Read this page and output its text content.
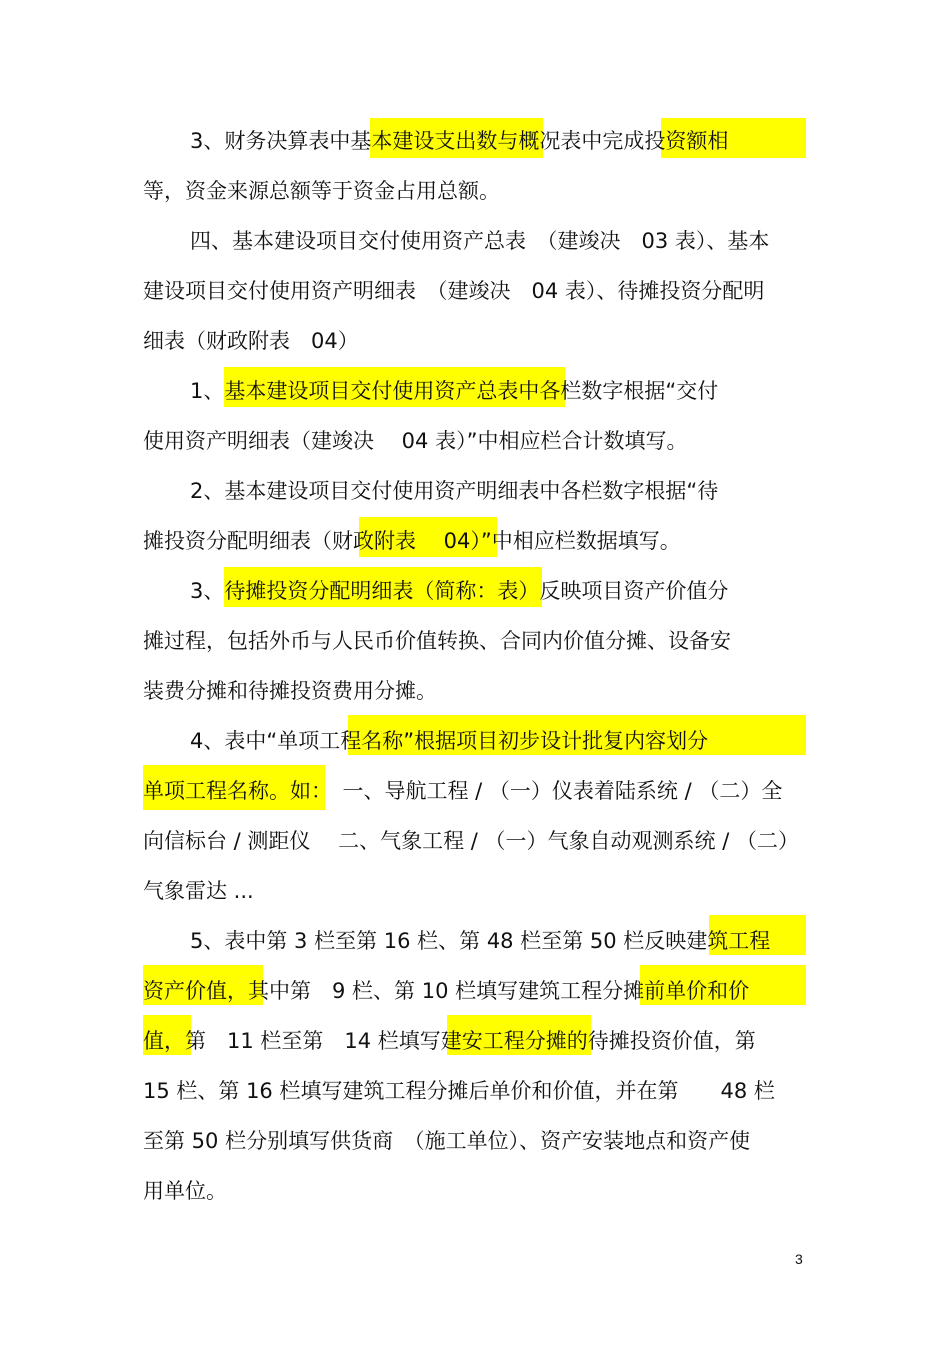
3、财务决算表中基本建设支出数与概况表中完成投资额相
等，资金来源总额等于资金占用总额。
四、基本建设项目交付使用资产总表　（建竣决　03 表）、基本
建设项目交付使用资产明细表　（建竣决　04 表）、待摊投资分配明
细表（财政附表　04）
1、基本建设项目交付使用资产总表中各栏数字根据“交付
使用资产明细表（建竣决　 04 表）”中相应栏合计数填写。
2、基本建设项目交付使用资产明细表中各栏数字根据“待
摊投资分配明细表（财政附表　 04）”中相应栏数据填写。
3、待摊投资分配明细表（简称：表）反映项目资产价值分
摊过程，包括外币与人民币价值转换、合同内价值分摊、设备安
装费分摊和待摊投资费用分摊。
4、表中“单项工程名称”根据项目初步设计批复内容划分
单项工程名称。如：　一、导航工程 / （一）仪表着陆系统 / （二）全
向信标台 / 测距仪　 二、气象工程 / （一）气象自动观测系统 / （二）
气象雷达 ...
5、表中第 3 栏至第 16 栏、第 48 栏至第 50 栏反映建筑工程
资产价值，其中第　9 栏、第 10 栏填写建筑工程分摊前单价和价
值，第　11 栏至第　14 栏填写建安工程分摊的待摊投资价值，第
15 栏、第 16 栏填写建筑工程分摊后单价和价值，并在第　　48 栏
至第 50 栏分别填写供货商　（施工单位）、资产安装地点和资产使
用单位。
3
